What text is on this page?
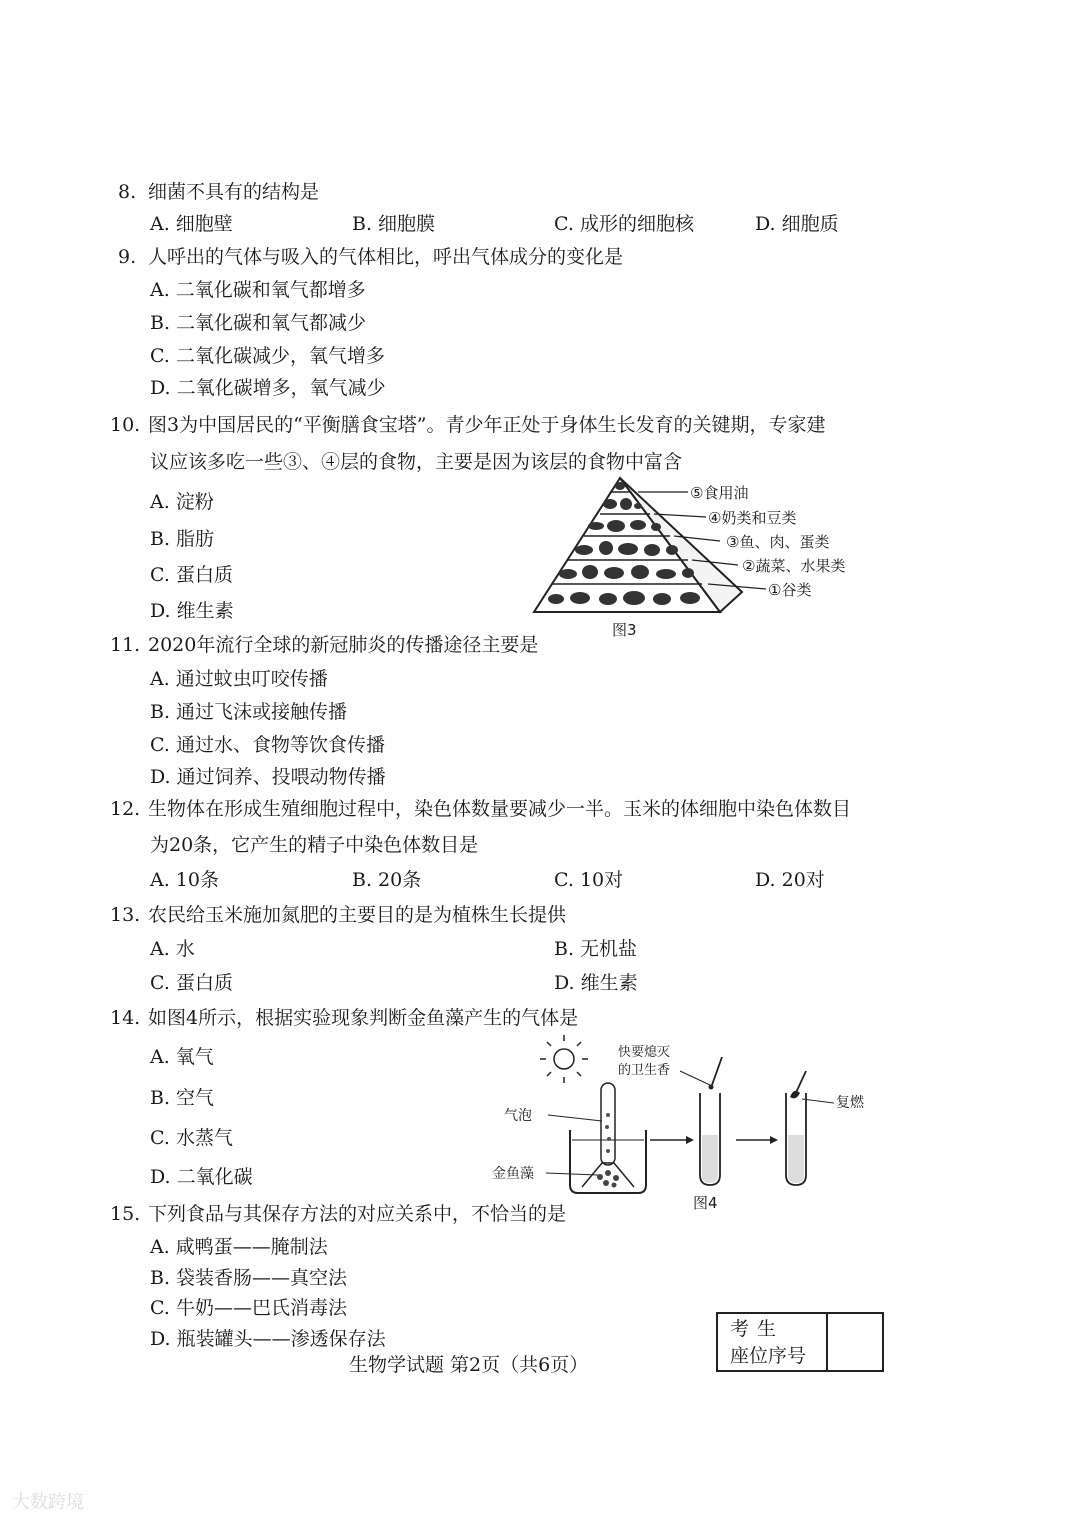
8. 细菌不具有的结构是
A. 细胞壁	B. 细胞膜	C. 成形的细胞核	D. 细胞质
9. 人呼出的气体与吸入的气体相比，呼出气体成分的变化是
A. 二氧化碳和氧气都增多
B. 二氧化碳和氧气都减少
C. 二氧化碳减少，氧气增多
D. 二氧化碳增多，氧气减少
10. 图3为中国居民的“平衡膳食宝塔”。青少年正处于身体生长发育的关键期，专家建
议应该多吃一些③、④层的食物，主要是因为该层的食物中富含
A. 淀粉
B. 脂肪
C. 蛋白质
D. 维生素
⑤食用油
④奶类和豆类
③鱼、肉、蛋类
②蔬菜、水果类
①谷类
图3
11. 2020年流行全球的新冠肺炎的传播途径主要是
A. 通过蚊虫叮咬传播
B. 通过飞沫或接触传播
C. 通过水、食物等饮食传播
D. 通过饲养、投喂动物传播
12. 生物体在形成生殖细胞过程中，染色体数量要减少一半。玉米的体细胞中染色体数目
为20条，它产生的精子中染色体数目是
A. 10条	B. 20条	C. 10对	D. 20对
13. 农民给玉米施加氮肥的主要目的是为植株生长提供
A. 水	B. 无机盐
C. 蛋白质	D. 维生素
14. 如图4所示，根据实验现象判断金鱼藻产生的气体是
A. 氧气
B. 空气
C. 水蒸气
D. 二氧化碳
气泡
金鱼藻
快要熄灭
的卫生香
复燃
图4
15. 下列食品与其保存方法的对应关系中，不恰当的是
A. 咸鸭蛋——腌制法
B. 袋装香肠——真空法
C. 牛奶——巴氏消毒法
D. 瓶装罐头——渗透保存法	考生
座位序号
生物学试题 第2页（共6页）
大数跨境
